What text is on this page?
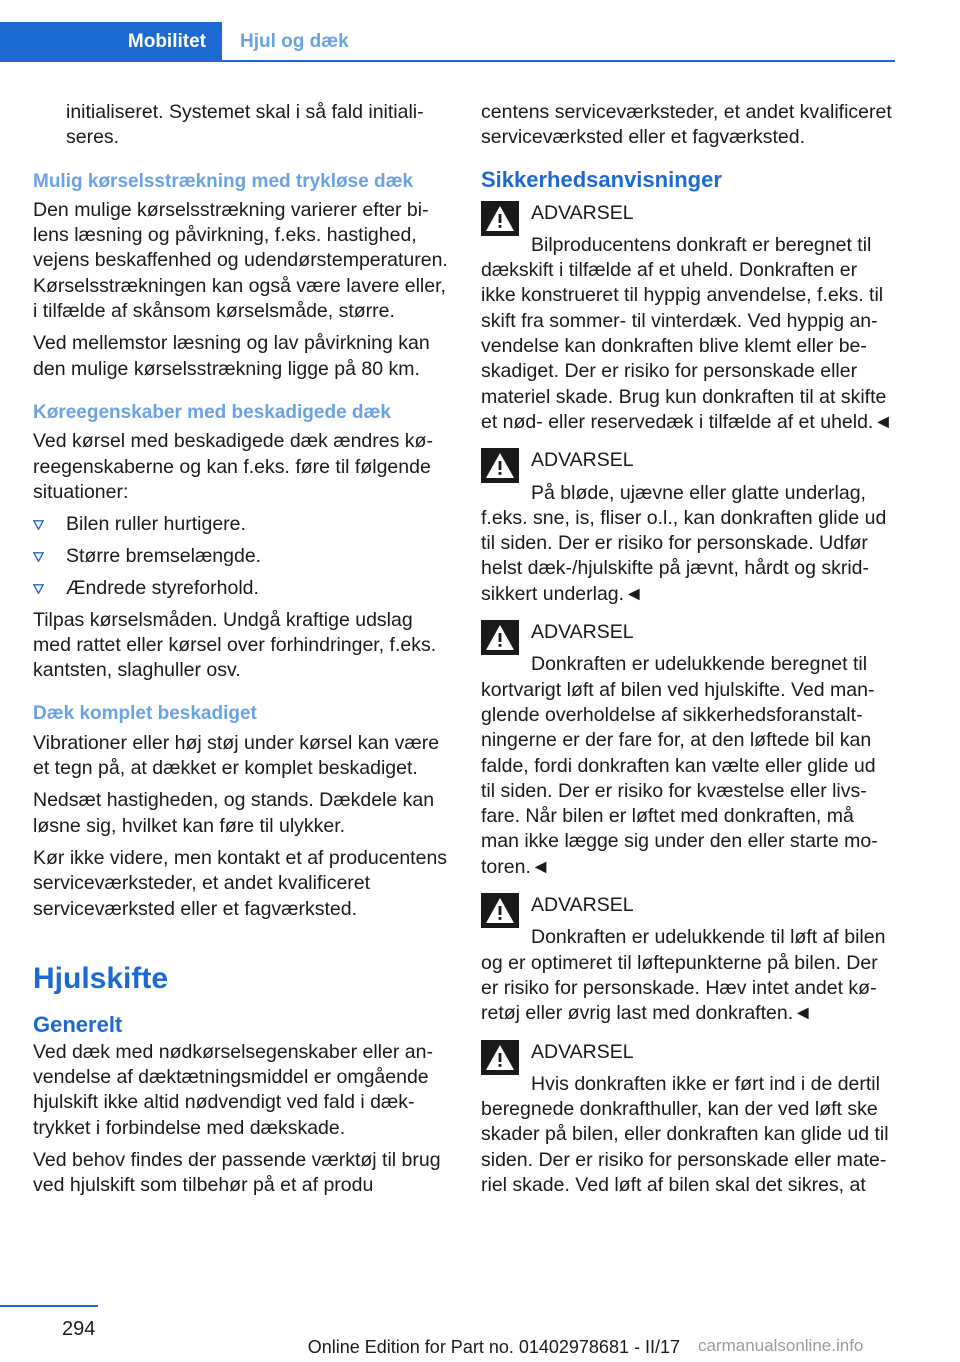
Mobilitet	Hjul og dæk

initialiseret. Systemet skal i så fald initialiseres.

Mulig kørselsstrækning med trykløse dæk

Den mulige kørselsstrækning varierer efter bilens læsning og påvirkning, f.eks. hastighed, vejens beskaffenhed og udendørstemperaturen. Kørselsstrækningen kan også være lavere eller, i tilfælde af skånsom kørselsmåde, større.

Ved mellemstor læsning og lav påvirkning kan den mulige kørselsstrækning ligge på 80 km.

Køreegenskaber med beskadigede dæk

Ved kørsel med beskadigede dæk ændres køreegenskaberne og kan f.eks. føre til følgende situationer:

Bilen ruller hurtigere.
Større bremselængde.
Ændrede styreforhold.

Tilpas kørselsmåden. Undgå kraftige udslag med rattet eller kørsel over forhindringer, f.eks. kantsten, slaghuller osv.

Dæk komplet beskadiget

Vibrationer eller høj støj under kørsel kan være et tegn på, at dækket er komplet beskadiget.

Nedsæt hastigheden, og stands. Dækdele kan løsne sig, hvilket kan føre til ulykker.

Kør ikke videre, men kontakt et af producentens serviceværksteder, et andet kvalificeret serviceværksted eller et fagværksted.

Hjulskifte
Generelt

Ved dæk med nødkørselsegenskaber eller anvendelse af dæktætningsmiddel er omgående hjulskift ikke altid nødvendigt ved fald i dæktrykket i forbindelse med dækskade.

Ved behov findes der passende værktøj til brug ved hjulskift som tilbehør på et af produ

centens serviceværksteder, et andet kvalificeret serviceværksted eller et fagværksted.

Sikkerhedsanvisninger
ADVARSEL
Bilproducentens donkraft er beregnet til
dækskift i tilfælde af et uheld. Donkraften er ikke konstrueret til hyppig anvendelse, f.eks. til skift fra sommer- til vinterdæk. Ved hyppig anvendelse kan donkraften blive klemt eller beskadiget. Der er risiko for personskade eller materiel skade. Brug kun donkraften til at skifte et nød- eller reservedæk i tilfælde af et uheld.◄
ADVARSEL
På bløde, ujævne eller glatte underlag,
f.eks. sne, is, fliser o.l., kan donkraften glide ud til siden. Der er risiko for personskade. Udfør helst dæk-/hjulskifte på jævnt, hårdt og skridsikkert underlag.◄
ADVARSEL
Donkraften er udelukkende beregnet til
kortvarigt løft af bilen ved hjulskifte. Ved manglende overholdelse af sikkerhedsforanstaltningerne er der fare for, at den løftede bil kan falde, fordi donkraften kan vælte eller glide ud til siden. Der er risiko for kvæstelse eller livsfare. Når bilen er løftet med donkraften, må man ikke lægge sig under den eller starte motoren.◄
ADVARSEL
Donkraften er udelukkende til løft af bilen
og er optimeret til løftepunkterne på bilen. Der er risiko for personskade. Hæv intet andet køretøj eller øvrig last med donkraften.◄
ADVARSEL
Hvis donkraften ikke er ført ind i de dertil
beregnede donkrafthuller, kan der ved løft ske skader på bilen, eller donkraften kan glide ud til siden. Der er risiko for personskade eller materiel skade. Ved løft af bilen skal det sikres, at
294
Online Edition for Part no. 01402978681 - II/17 carmanualsonline.info
